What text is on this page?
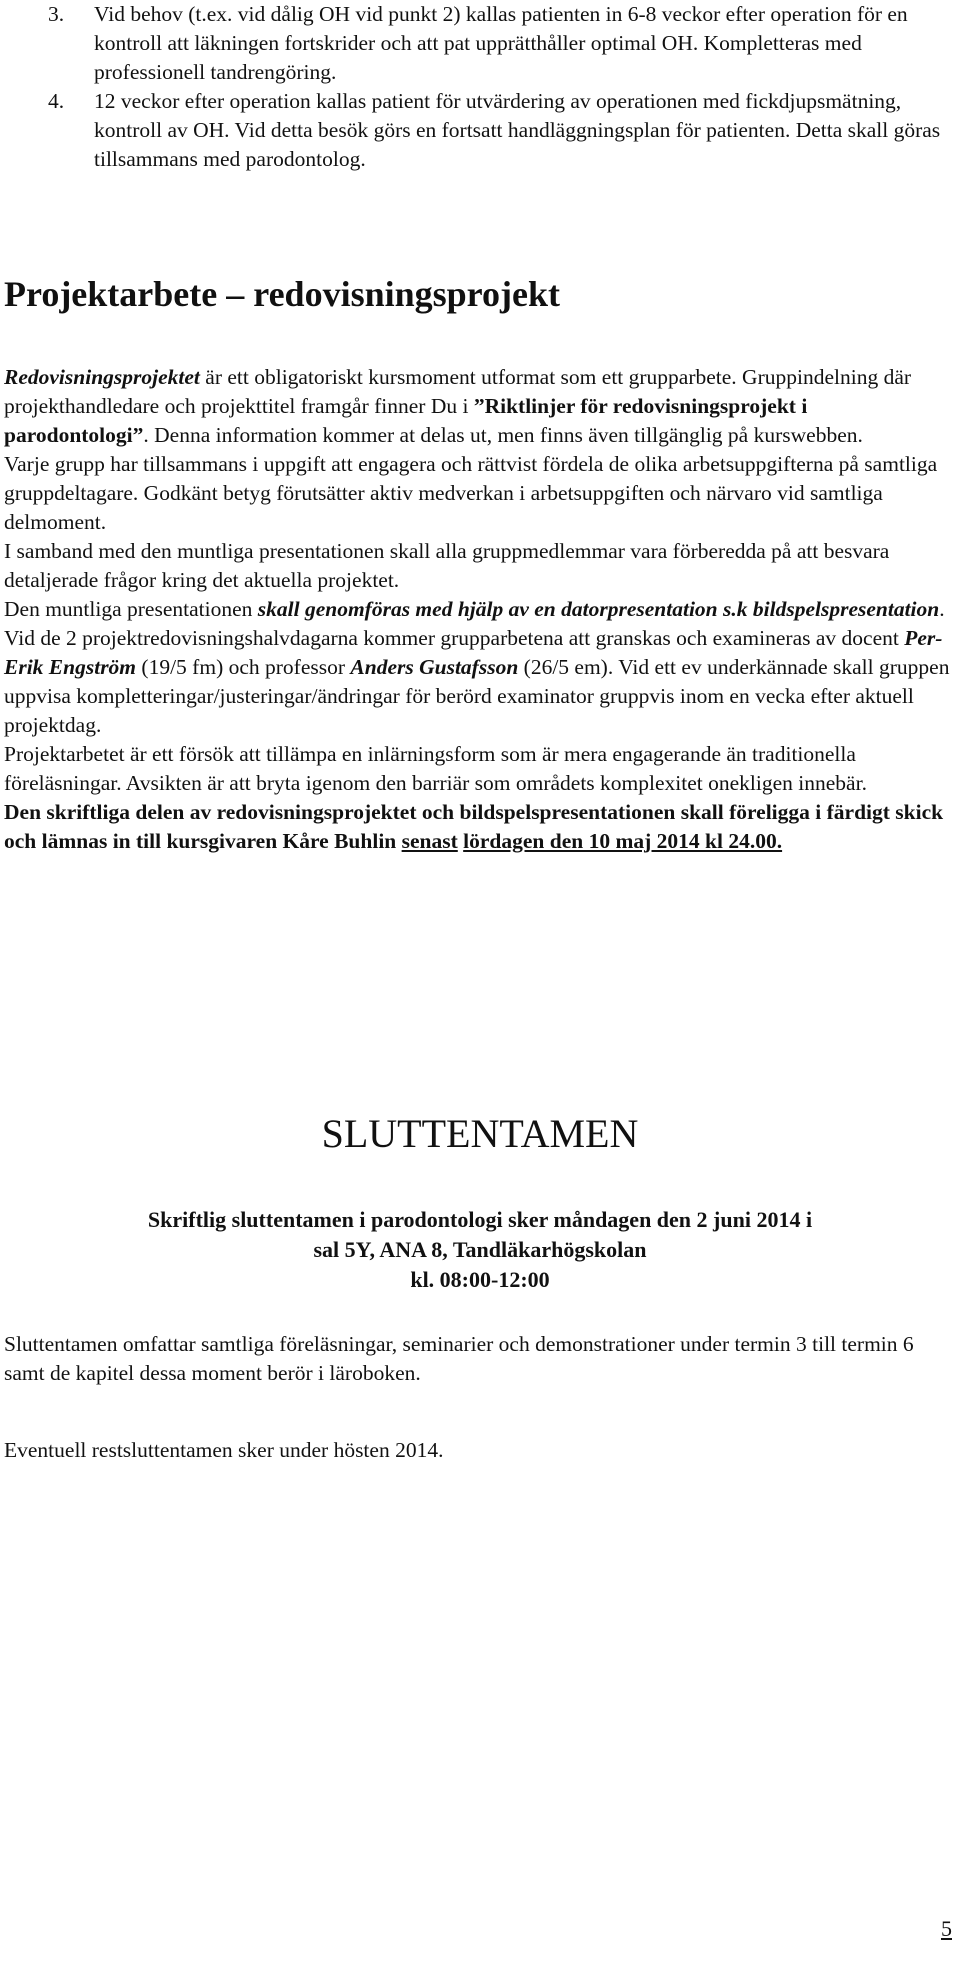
3. Vid behov (t.ex. vid dålig OH vid punkt 2) kallas patienten in 6-8 veckor efter operation för en kontroll att läkningen fortskrider och att pat upprätthåller optimal OH. Kompletteras med professionell tandrengöring.
4. 12 veckor efter operation kallas patient för utvärdering av operationen med fickdjupsmätning, kontroll av OH. Vid detta besök görs en fortsatt handläggningsplan för patienten. Detta skall göras tillsammans med parodontolog.
Projektarbete – redovisningsprojekt

Redovisningsprojektet är ett obligatoriskt kursmoment utformat som ett grupparbete. Gruppindelning där projekthandledare och projekttitel framgår finner Du i ”Riktlinjer för redovisningsprojekt i parodontologi”. Denna information kommer at delas ut, men finns även tillgänglig på kurswebben.

Varje grupp har tillsammans i uppgift att engagera och rättvist fördela de olika arbetsuppgifterna på samtliga gruppdeltagare. Godkänt betyg förutsätter aktiv medverkan i arbetsuppgiften och närvaro vid samtliga delmoment.

I samband med den muntliga presentationen skall alla gruppmedlemmar vara förberedda på att besvara detaljerade frågor kring det aktuella projektet.

Den muntliga presentationen skall genomföras med hjälp av en datorpresentation s.k bildspelspresentation. Vid de 2 projektredovisningshalvdagarna kommer grupparbetena att granskas och examineras av docent Per-Erik Engström (19/5 fm) och professor Anders Gustafsson (26/5 em). Vid ett ev underkännade skall gruppen uppvisa kompletteringar/justeringar/ändringar för berörd examinator gruppvis inom en vecka efter aktuell projektdag.

Projektarbetet är ett försök att tillämpa en inlärningsform som är mera engagerande än traditionella föreläsningar. Avsikten är att bryta igenom den barriär som områdets komplexitet onekligen innebär.

Den skriftliga delen av redovisningsprojektet och bildspelspresentationen skall föreligga i färdigt skick och lämnas in till kursgivaren Kåre Buhlin senast lördagen den 10 maj 2014 kl 24.00.

SLUTTENTAMEN
Skriftlig sluttentamen i parodontologi sker måndagen den 2 juni 2014 i
sal 5Y, ANA 8, Tandläkarhögskolan
kl. 08:00-12:00

Sluttentamen omfattar samtliga föreläsningar, seminarier och demonstrationer under termin 3 till termin 6 samt de kapitel dessa moment berör i läroboken.

Eventuell restsluttentamen sker under hösten 2014.

5
